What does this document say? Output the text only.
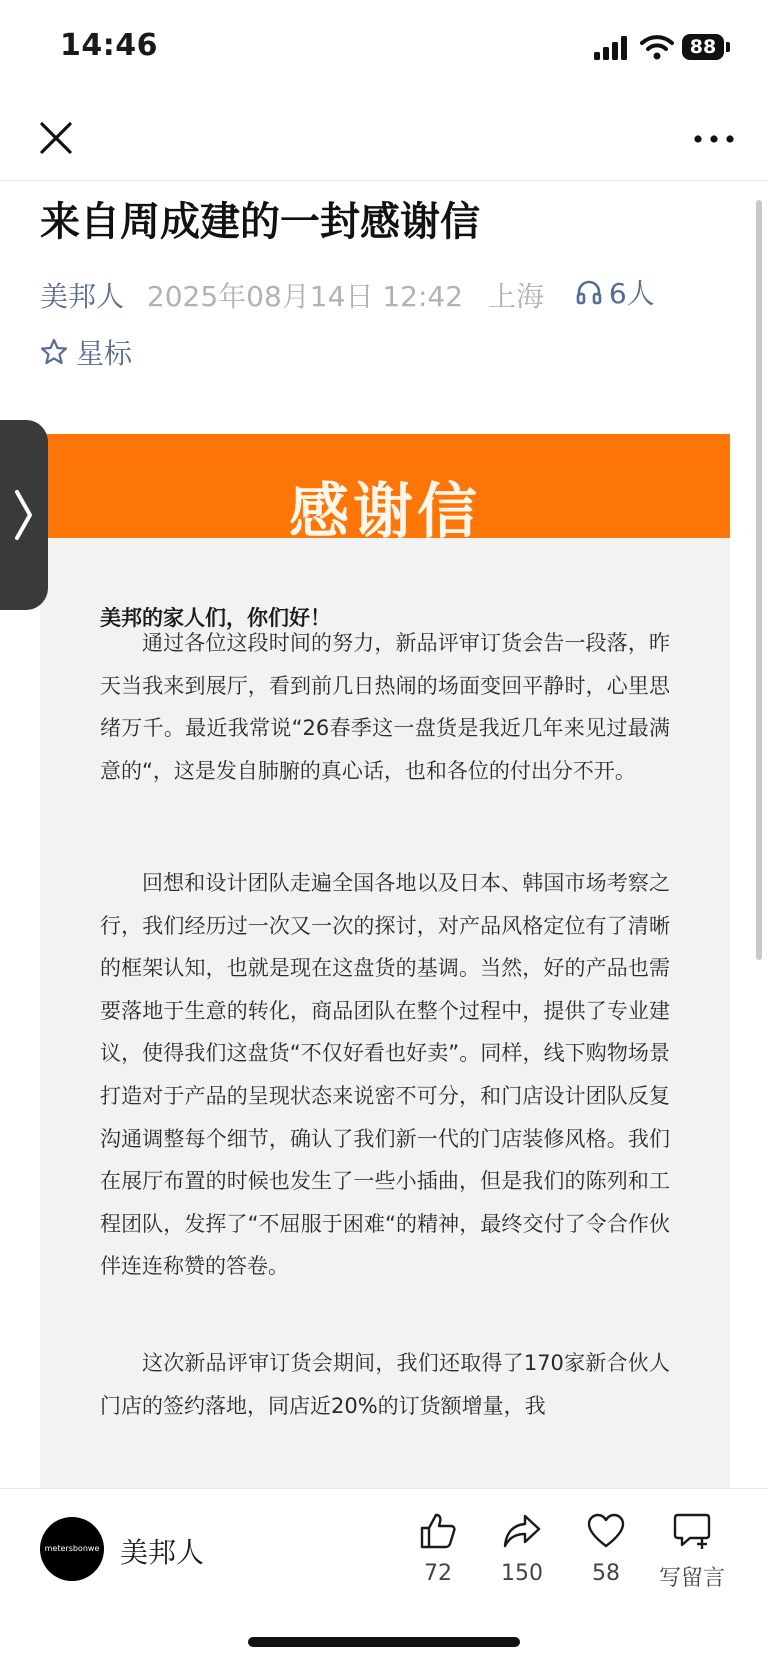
14:46	88
来自周成建的一封感谢信
美邦人 2025年08月14日 12:42 上海 6人
星标
感谢信
美邦的家人们，你们好！
通过各位这段时间的努力，新品评审订货会告一段落，昨天当我来到展厅，看到前几日热闹的场面变回平静时，心里思绪万千。最近我常说“26春季这一盘货是我近几年来见过最满意的“，这是发自肺腑的真心话，也和各位的付出分不开。
回想和设计团队走遍全国各地以及日本、韩国市场考察之行，我们经历过一次又一次的探讨，对产品风格定位有了清晰的框架认知，也就是现在这盘货的基调。当然，好的产品也需要落地于生意的转化，商品团队在整个过程中，提供了专业建议，使得我们这盘货“不仅好看也好卖”。同样，线下购物场景打造对于产品的呈现状态来说密不可分，和门店设计团队反复沟通调整每个细节，确认了我们新一代的门店装修风格。我们在展厅布置的时候也发生了一些小插曲，但是我们的陈列和工程团队，发挥了“不屈服于困难“的精神，最终交付了令合作伙伴连连称赞的答卷。
这次新品评审订货会期间，我们还取得了170家新合伙人门店的签约落地，同店近20%的订货额增量，我
metersbonwe 美邦人
72	150	58	写留言
